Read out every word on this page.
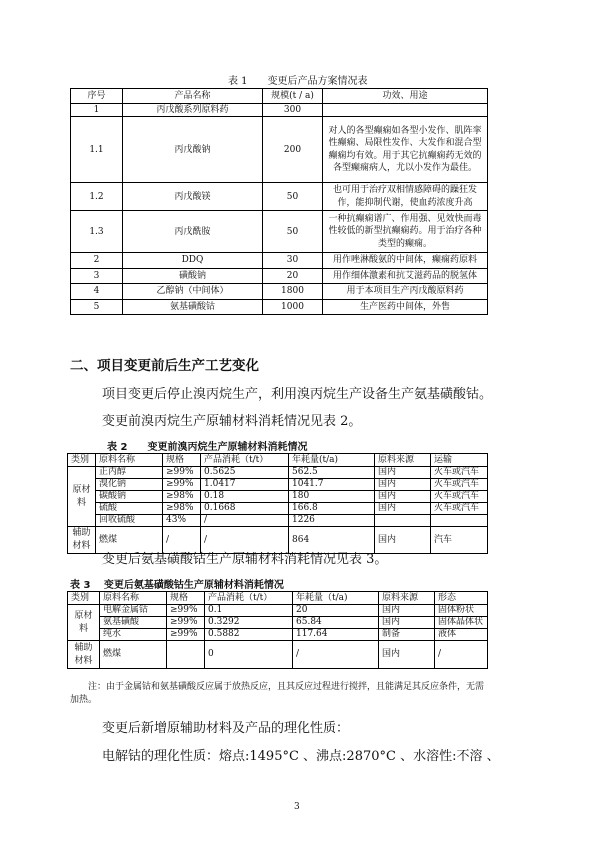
表 1　　变更后产品方案情况表
序号	产品名称	规模(t / a)	功效、用途
1	丙戊酸系列原料药	300	
1.1	丙戊酸钠	200	对人的各型癫痫如各型小发作、肌阵挛性癫痫、局限性发作、大发作和混合型癫痫均有效。用于其它抗癫痫药无效的各型癫痫病人，尤以小发作为最佳。
1.2	丙戊酸镁	50	也可用于治疗双相情感障碍的躁狂发作，能抑制代谢，使血药浓度升高
1.3	丙戊酰胺	50	一种抗癫痫谱广、作用强、见效快而毒性较低的新型抗癫痫药。用于治疗各种类型的癫痫。
2	DDQ	30	用作唑淋酸氨的中间体，癫痫药原料
3	磺酸钠	20	用作细体激素和抗艾滋药品的脱氢体
4	乙醇钠（中间体）	1800	用于本项目生产丙戊酸原料药
5	氨基磺酸钴	1000	生产医药中间体，外售
二、项目变更前后生产工艺变化
项目变更后停止溴丙烷生产，利用溴丙烷生产设备生产氨基磺酸钴。
变更前溴丙烷生产原辅材料消耗情况见表 2。
表 2　　变更前溴丙烷生产原辅材料消耗情况
类别	原料名称	规格	产品消耗（t/t）	年耗量(t/a)	原料来源	运输
原材料	正丙醇	≥99%	0.5625	562.5	国内	火车或汽车
	溴化钠	≥99%	1.0417	1041.7	国内	火车或汽车
	碳酸钠	≥98%	0.18	180	国内	火车或汽车
	硫酸	≥98%	0.1668	166.8	国内	火车或汽车
	回收硫酸	43%	/	1226		
辅助材料	燃煤	/	/	864	国内	汽车
变更后氨基磺酸钴生产原辅材料消耗情况见表 3。
表 3　 变更后氨基磺酸钴生产原辅材料消耗情况
类别	原料名称	规格	产品消耗（t/t）	年耗量（t/a)	原料来源	形态
原材料	电解金属钴	≥99%	0.1	20	国内	固体粉状
	氨基磺酸	≥99%	0.3292	65.84	国内	固体晶体状
	纯水	≥99%	0.5882	117.64	制备	液体
辅助材料	燃煤		0	/	国内	/
注：由于金属钴和氨基磺酸反应属于放热反应，且其反应过程进行搅拌，且能满足其反应条件，无需加热。
变更后新增原辅助材料及产品的理化性质：
电解钴的理化性质：熔点:1495°C 、沸点:2870°C 、水溶性:不溶 、
3
